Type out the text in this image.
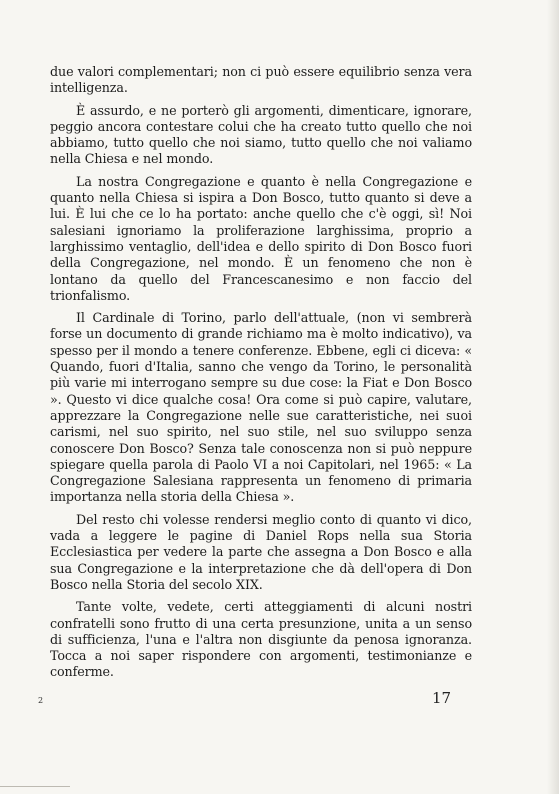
due valori complementari; non ci può essere equilibrio senza vera intelligenza.

È assurdo, e ne porterò gli argomenti, dimenticare, ignorare, peggio ancora contestare colui che ha creato tutto quello che noi abbiamo, tutto quello che noi siamo, tutto quello che noi valiamo nella Chiesa e nel mondo.

La nostra Congregazione e quanto è nella Congregazione e quanto nella Chiesa si ispira a Don Bosco, tutto quanto si deve a lui. È lui che ce lo ha portato: anche quello che c'è oggi, sì! Noi salesiani ignoriamo la proliferazione larghissima, proprio a larghissimo ventaglio, dell'idea e dello spirito di Don Bosco fuori della Congregazione, nel mondo. È un fenomeno che non è lontano da quello del Francescanesimo e non faccio del trionfalismo.

Il Cardinale di Torino, parlo dell'attuale, (non vi sembrerà forse un documento di grande richiamo ma è molto indicativo), va spesso per il mondo a tenere conferenze. Ebbene, egli ci diceva: « Quando, fuori d'Italia, sanno che vengo da Torino, le personalità più varie mi interrogano sempre su due cose: la Fiat e Don Bosco ». Questo vi dice qualche cosa! Ora come si può capire, valutare, apprezzare la Congregazione nelle sue caratteristiche, nei suoi carismi, nel suo spirito, nel suo stile, nel suo sviluppo senza conoscere Don Bosco? Senza tale conoscenza non si può neppure spiegare quella parola di Paolo VI a noi Capitolari, nel 1965: « La Congregazione Salesiana rappresenta un fenomeno di primaria importanza nella storia della Chiesa ».

Del resto chi volesse rendersi meglio conto di quanto vi dico, vada a leggere le pagine di Daniel Rops nella sua Storia Ecclesiastica per vedere la parte che assegna a Don Bosco e alla sua Congregazione e la interpretazione che dà dell'opera di Don Bosco nella Storia del secolo XIX.

Tante volte, vedete, certi atteggiamenti di alcuni nostri confratelli sono frutto di una certa presunzione, unita a un senso di sufficienza, l'una e l'altra non disgiunte da penosa ignoranza. Tocca a noi saper rispondere con argomenti, testimonianze e conferme.

2	17
